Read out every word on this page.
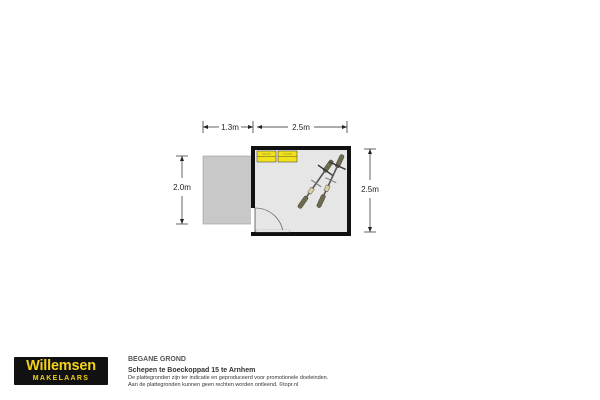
1.3m	2.5m
2.0m	2.5m
Willemsen
MAKELAARS
BEGANE GROND
Schepen te Boeckoppad 15 te Arnhem
De plattegronden zijn ter indicatie en geproduceerd voor promotionele doeleinden.
Aan de plattegronden kunnen geen rechten worden ontleend. ©topr.nl
